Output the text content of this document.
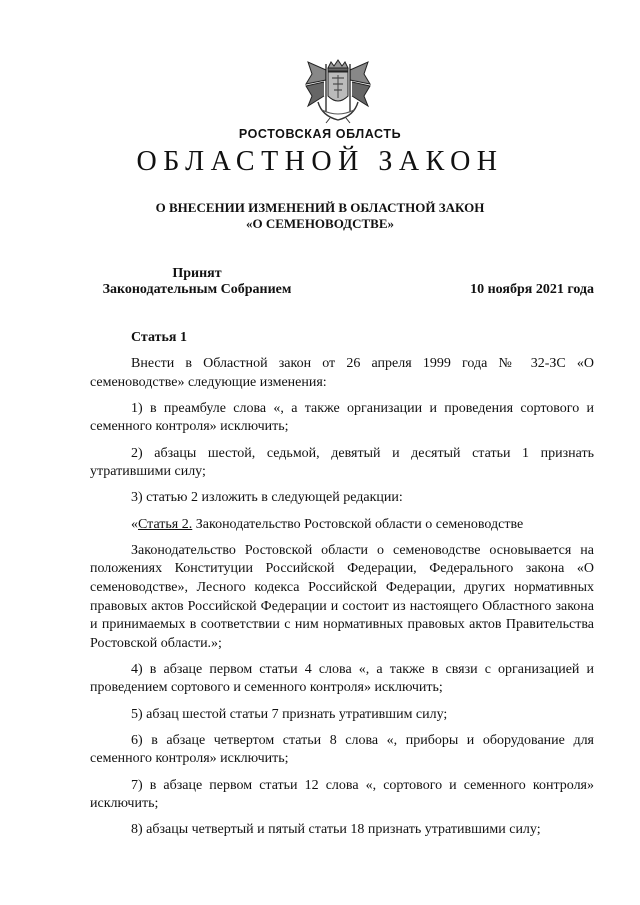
РОСТОВСКАЯ ОБЛАСТЬ
ОБЛАСТНОЙ ЗАКОН
О ВНЕСЕНИИ ИЗМЕНЕНИЙ В ОБЛАСТНОЙ ЗАКОН
«О СЕМЕНОВОДСТВЕ»
Принят
Законодательным Собранием	10 ноября 2021 года
Статья 1

Внести в Областной закон от 26 апреля 1999 года № 32-ЗС «О семеноводстве» следующие изменения:

1) в преамбуле слова «, а также организации и проведения сортового и семенного контроля» исключить;

2) абзацы шестой, седьмой, девятый и десятый статьи 1 признать утратившими силу;

3) статью 2 изложить в следующей редакции:

«Статья 2. Законодательство Ростовской области о семеноводстве

Законодательство Ростовской области о семеноводстве основывается на положениях Конституции Российской Федерации, Федерального закона «О семеноводстве», Лесного кодекса Российской Федерации, других нормативных правовых актов Российской Федерации и состоит из настоящего Областного закона и принимаемых в соответствии с ним нормативных правовых актов Правительства Ростовской области.»;

4) в абзаце первом статьи 4 слова «, а также в связи с организацией и проведением сортового и семенного контроля» исключить;

5) абзац шестой статьи 7 признать утратившим силу;

6) в абзаце четвертом статьи 8 слова «, приборы и оборудование для семенного контроля» исключить;

7) в абзаце первом статьи 12 слова «, сортового и семенного контроля» исключить;

8) абзацы четвертый и пятый статьи 18 признать утратившими силу;
